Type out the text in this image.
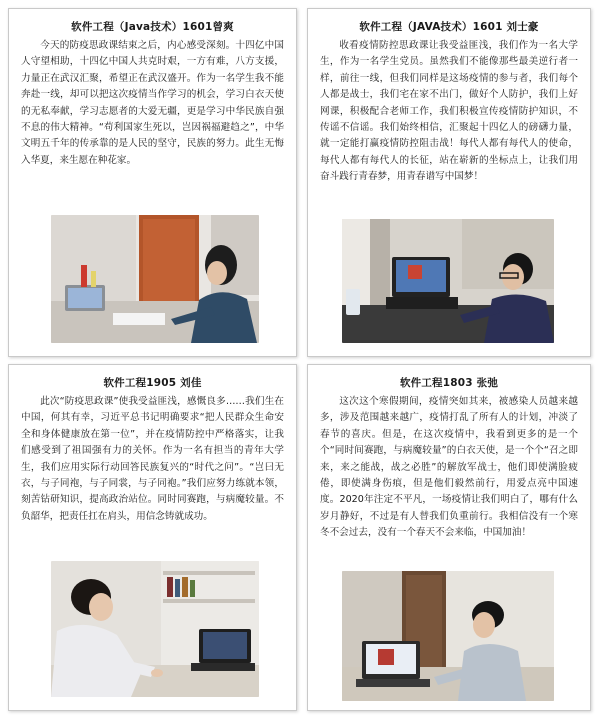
软件工程（Java技术）1601曾爽
今天的防疫思政课结束之后，内心感受深刻。十四亿中国人守望相助，十四亿中国人共克时艰，一方有难，八方支援，力量正在武汉汇聚，希望正在武汉盛开。作为一名学生我不能奔赴一线，却可以把这次疫情当作学习的机会，学习白衣天使的无私奉献，学习志愿者的大爱无疆，更是学习中华民族自强不息的伟大精神。“苟利国家生死以，岂因祸福避趋之”，中华文明五千年的传承靠的是人民的坚守，民族的努力。此生无悔入华夏，来生愿在种花家。
软件工程（JAVA技术）1601 刘士豪
收看疫情防控思政课让我受益匪浅，我们作为一名大学生，作为一名学生党员。虽然我们不能像那些最美逆行者一样，前往一线，但我们同样是这场疫情的参与者，我们每个人都是战士，我们宅在家不出门，做好个人防护，我们上好网课，积极配合老师工作，我们积极宣传疫情防护知识，不传谣不信谣。我们始终相信，汇聚起十四亿人的磅礴力量，就一定能打赢疫情防控阻击战！每代人都有每代人的使命，每代人都有每代人的长征，站在崭新的坐标点上，让我们用奋斗践行青春梦，用青春谱写中国梦！
软件工程1905 刘佳
此次“防疫思政课”使我受益匪浅，感慨良多……我们生在中国，何其有幸，习近平总书记明确要求“把人民群众生命安全和身体健康放在第一位”，并在疫情防控中严格落实，让我们感受到了祖国强有力的关怀。作为一名有担当的青年大学生，我们应用实际行动回答民族复兴的“时代之问”。“岂曰无衣，与子同袍，与子同裳，与子同袍。”我们应努力练就本领，刻苦钻研知识，提高政治站位。同时同赛跑，与病魔较量。不负韶华，把责任扛在肩头，用信念铸就成功。
软件工程1803 张弛
这次这个寒假期间，疫情突如其来，被感染人员越来越多，涉及范围越来越广，疫情打乱了所有人的计划，冲淡了春节的喜庆。但是，在这次疫情中，我看到更多的是一个个“同时间赛跑，与病魔较量”的白衣天使，是一个个“召之即来，来之能战，战之必胜”的解放军战士，他们即使满脸疲倦，即使满身伤痕，但是他们毅然前行，用爱点亮中国速度。2020年注定不平凡，一场疫情让我们明白了，哪有什么岁月静好，不过是有人替我们负重前行。我相信没有一个寒冬不会过去，没有一个春天不会来临，中国加油！
